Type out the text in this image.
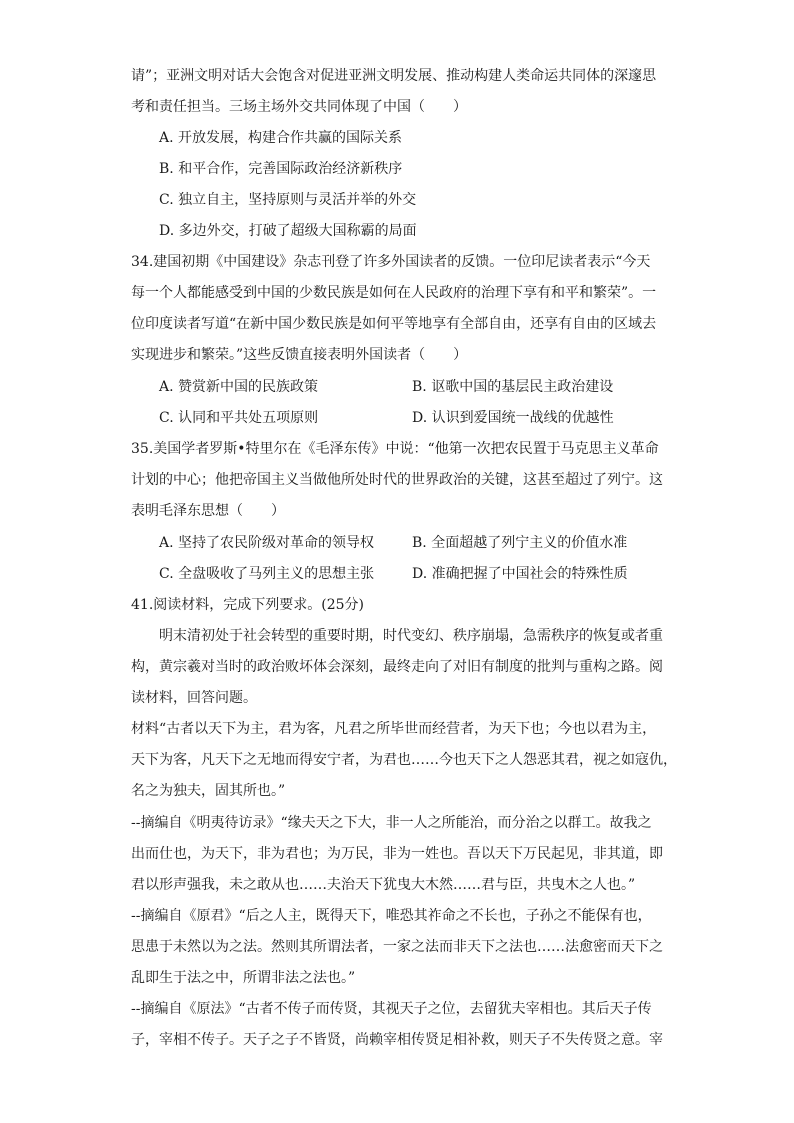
请”；亚洲文明对话大会饱含对促进亚洲文明发展、推动构建人类命运共同体的深邃思
考和责任担当。三场主场外交共同体现了中国（　　）
A. 开放发展，构建合作共赢的国际关系
B. 和平合作，完善国际政治经济新秩序
C. 独立自主，坚持原则与灵活并举的外交
D. 多边外交，打破了超级大国称霸的局面
34.建国初期《中国建设》杂志刊登了许多外国读者的反馈。一位印尼读者表示“今天
每一个人都能感受到中国的少数民族是如何在人民政府的治理下享有和平和繁荣”。一
位印度读者写道“在新中国少数民族是如何平等地享有全部自由，还享有自由的区域去
实现进步和繁荣。”这些反馈直接表明外国读者（　　）
A. 赞赏新中国的民族政策	B. 讴歌中国的基层民主政治建设
C. 认同和平共处五项原则	D. 认识到爱国统一战线的优越性
35.美国学者罗斯•特里尔在《毛泽东传》中说：“他第一次把农民置于马克思主义革命
计划的中心；他把帝国主义当做他所处时代的世界政治的关键，这甚至超过了列宁。这
表明毛泽东思想（　　）
A. 坚持了农民阶级对革命的领导权	B. 全面超越了列宁主义的价值水准
C. 全盘吸收了马列主义的思想主张	D. 准确把握了中国社会的特殊性质
41.阅读材料，完成下列要求。(25分)
明末清初处于社会转型的重要时期，时代变幻、秩序崩塌，急需秩序的恢复或者重
构，黄宗羲对当时的政治败坏体会深刻，最终走向了对旧有制度的批判与重构之路。阅
读材料，回答问题。
材料“古者以天下为主，君为客，凡君之所毕世而经营者，为天下也；今也以君为主，
天下为客，凡天下之无地而得安宁者，为君也……今也天下之人怨恶其君，视之如寇仇，
名之为独夫，固其所也。”
--摘编自《明夷待访录》“缘夫天之下大，非一人之所能治，而分治之以群工。故我之
出而仕也，为天下，非为君也；为万民，非为一姓也。吾以天下万民起见，非其道，即
君以形声强我，未之敢从也……夫治天下犹曳大木然……君与臣，共曳木之人也。”
--摘编自《原君》“后之人主，既得天下，唯恐其祚命之不长也，子孙之不能保有也，
思患于未然以为之法。然则其所谓法者，一家之法而非天下之法也……法愈密而天下之
乱即生于法之中，所谓非法之法也。”
--摘编自《原法》“古者不传子而传贤，其视天子之位，去留犹夫宰相也。其后天子传
子，宰相不传子。天子之子不皆贤，尚赖宰相传贤足相补救，则天子不失传贤之意。宰
